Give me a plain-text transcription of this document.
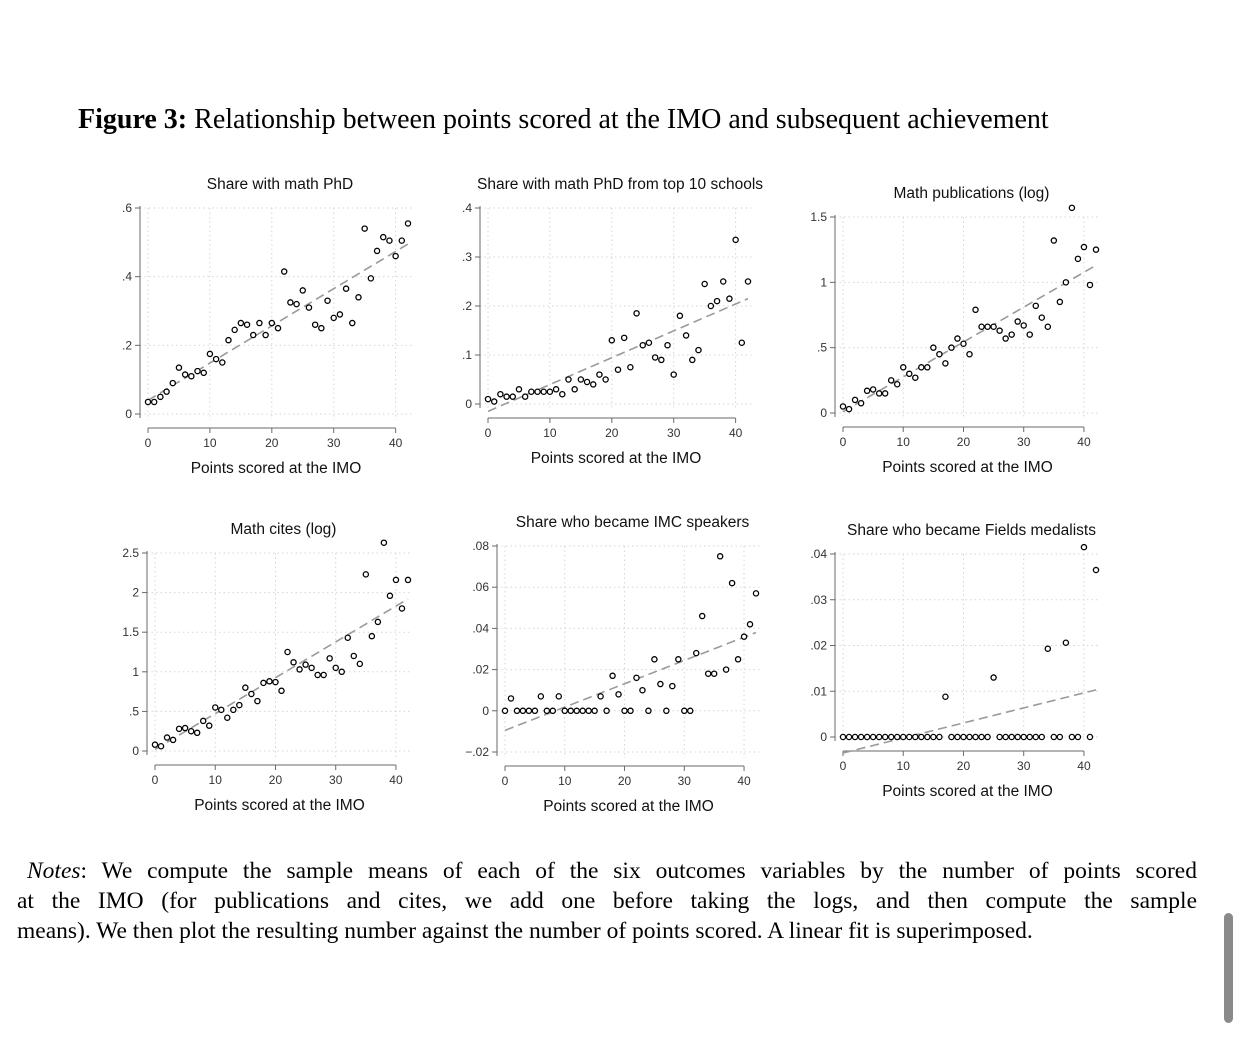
Figure 3: Relationship between points scored at the IMO and subsequent achievement
0
.2
.4
.6
0	10	20	30	40
Share with math PhD
Points scored at the IMO
0
.1
.2
.3
.4
0	10	20	30	40
Share with math PhD from top 10 schools
Points scored at the IMO
0
.5
1
1.5
0	10	20	30	40
Math publications (log)
Points scored at the IMO
0
.5
1
1.5
2
2.5
0	10	20	30	40
Math cites (log)
Points scored at the IMO
−.02
0
.02
.04
.06
.08
0	10	20	30	40
Share who became IMC speakers
Points scored at the IMO
0
.01
.02
.03
.04
0	10	20	30	40
Share who became Fields medalists
Points scored at the IMO
Notes: We compute the sample means of each of the six outcomes variables by the number of points scored
at the IMO (for publications and cites, we add one before taking the logs, and then compute the sample
means). We then plot the resulting number against the number of points scored. A linear fit is superimposed.
